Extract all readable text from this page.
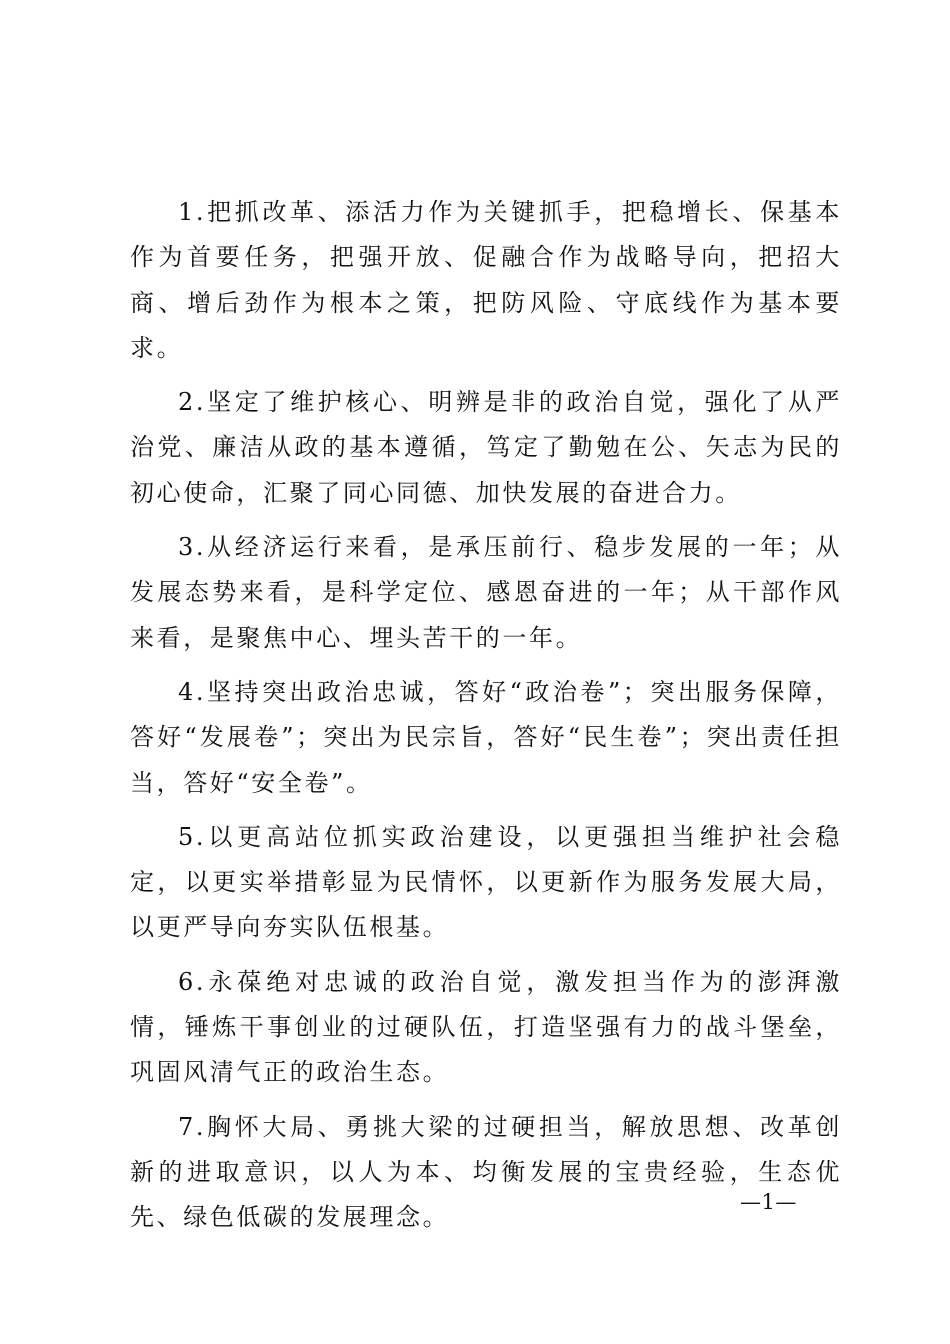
1.把抓改革、添活力作为关键抓手，把稳增长、保基本作为首要任务，把强开放、促融合作为战略导向，把招大商、增后劲作为根本之策，把防风险、守底线作为基本要求。

2.坚定了维护核心、明辨是非的政治自觉，强化了从严治党、廉洁从政的基本遵循，笃定了勤勉在公、矢志为民的初心使命，汇聚了同心同德、加快发展的奋进合力。

3.从经济运行来看，是承压前行、稳步发展的一年；从发展态势来看，是科学定位、感恩奋进的一年；从干部作风来看，是聚焦中心、埋头苦干的一年。

4.坚持突出政治忠诚，答好“政治卷”；突出服务保障，答好“发展卷”；突出为民宗旨，答好“民生卷”；突出责任担当，答好“安全卷”。

5.以更高站位抓实政治建设，以更强担当维护社会稳定，以更实举措彰显为民情怀，以更新作为服务发展大局，以更严导向夯实队伍根基。

6.永葆绝对忠诚的政治自觉，激发担当作为的澎湃激情，锤炼干事创业的过硬队伍，打造坚强有力的战斗堡垒，巩固风清气正的政治生态。

7.胸怀大局、勇挑大梁的过硬担当，解放思想、改革创新的进取意识，以人为本、均衡发展的宝贵经验，生态优先、绿色低碳的发展理念。

—1—
